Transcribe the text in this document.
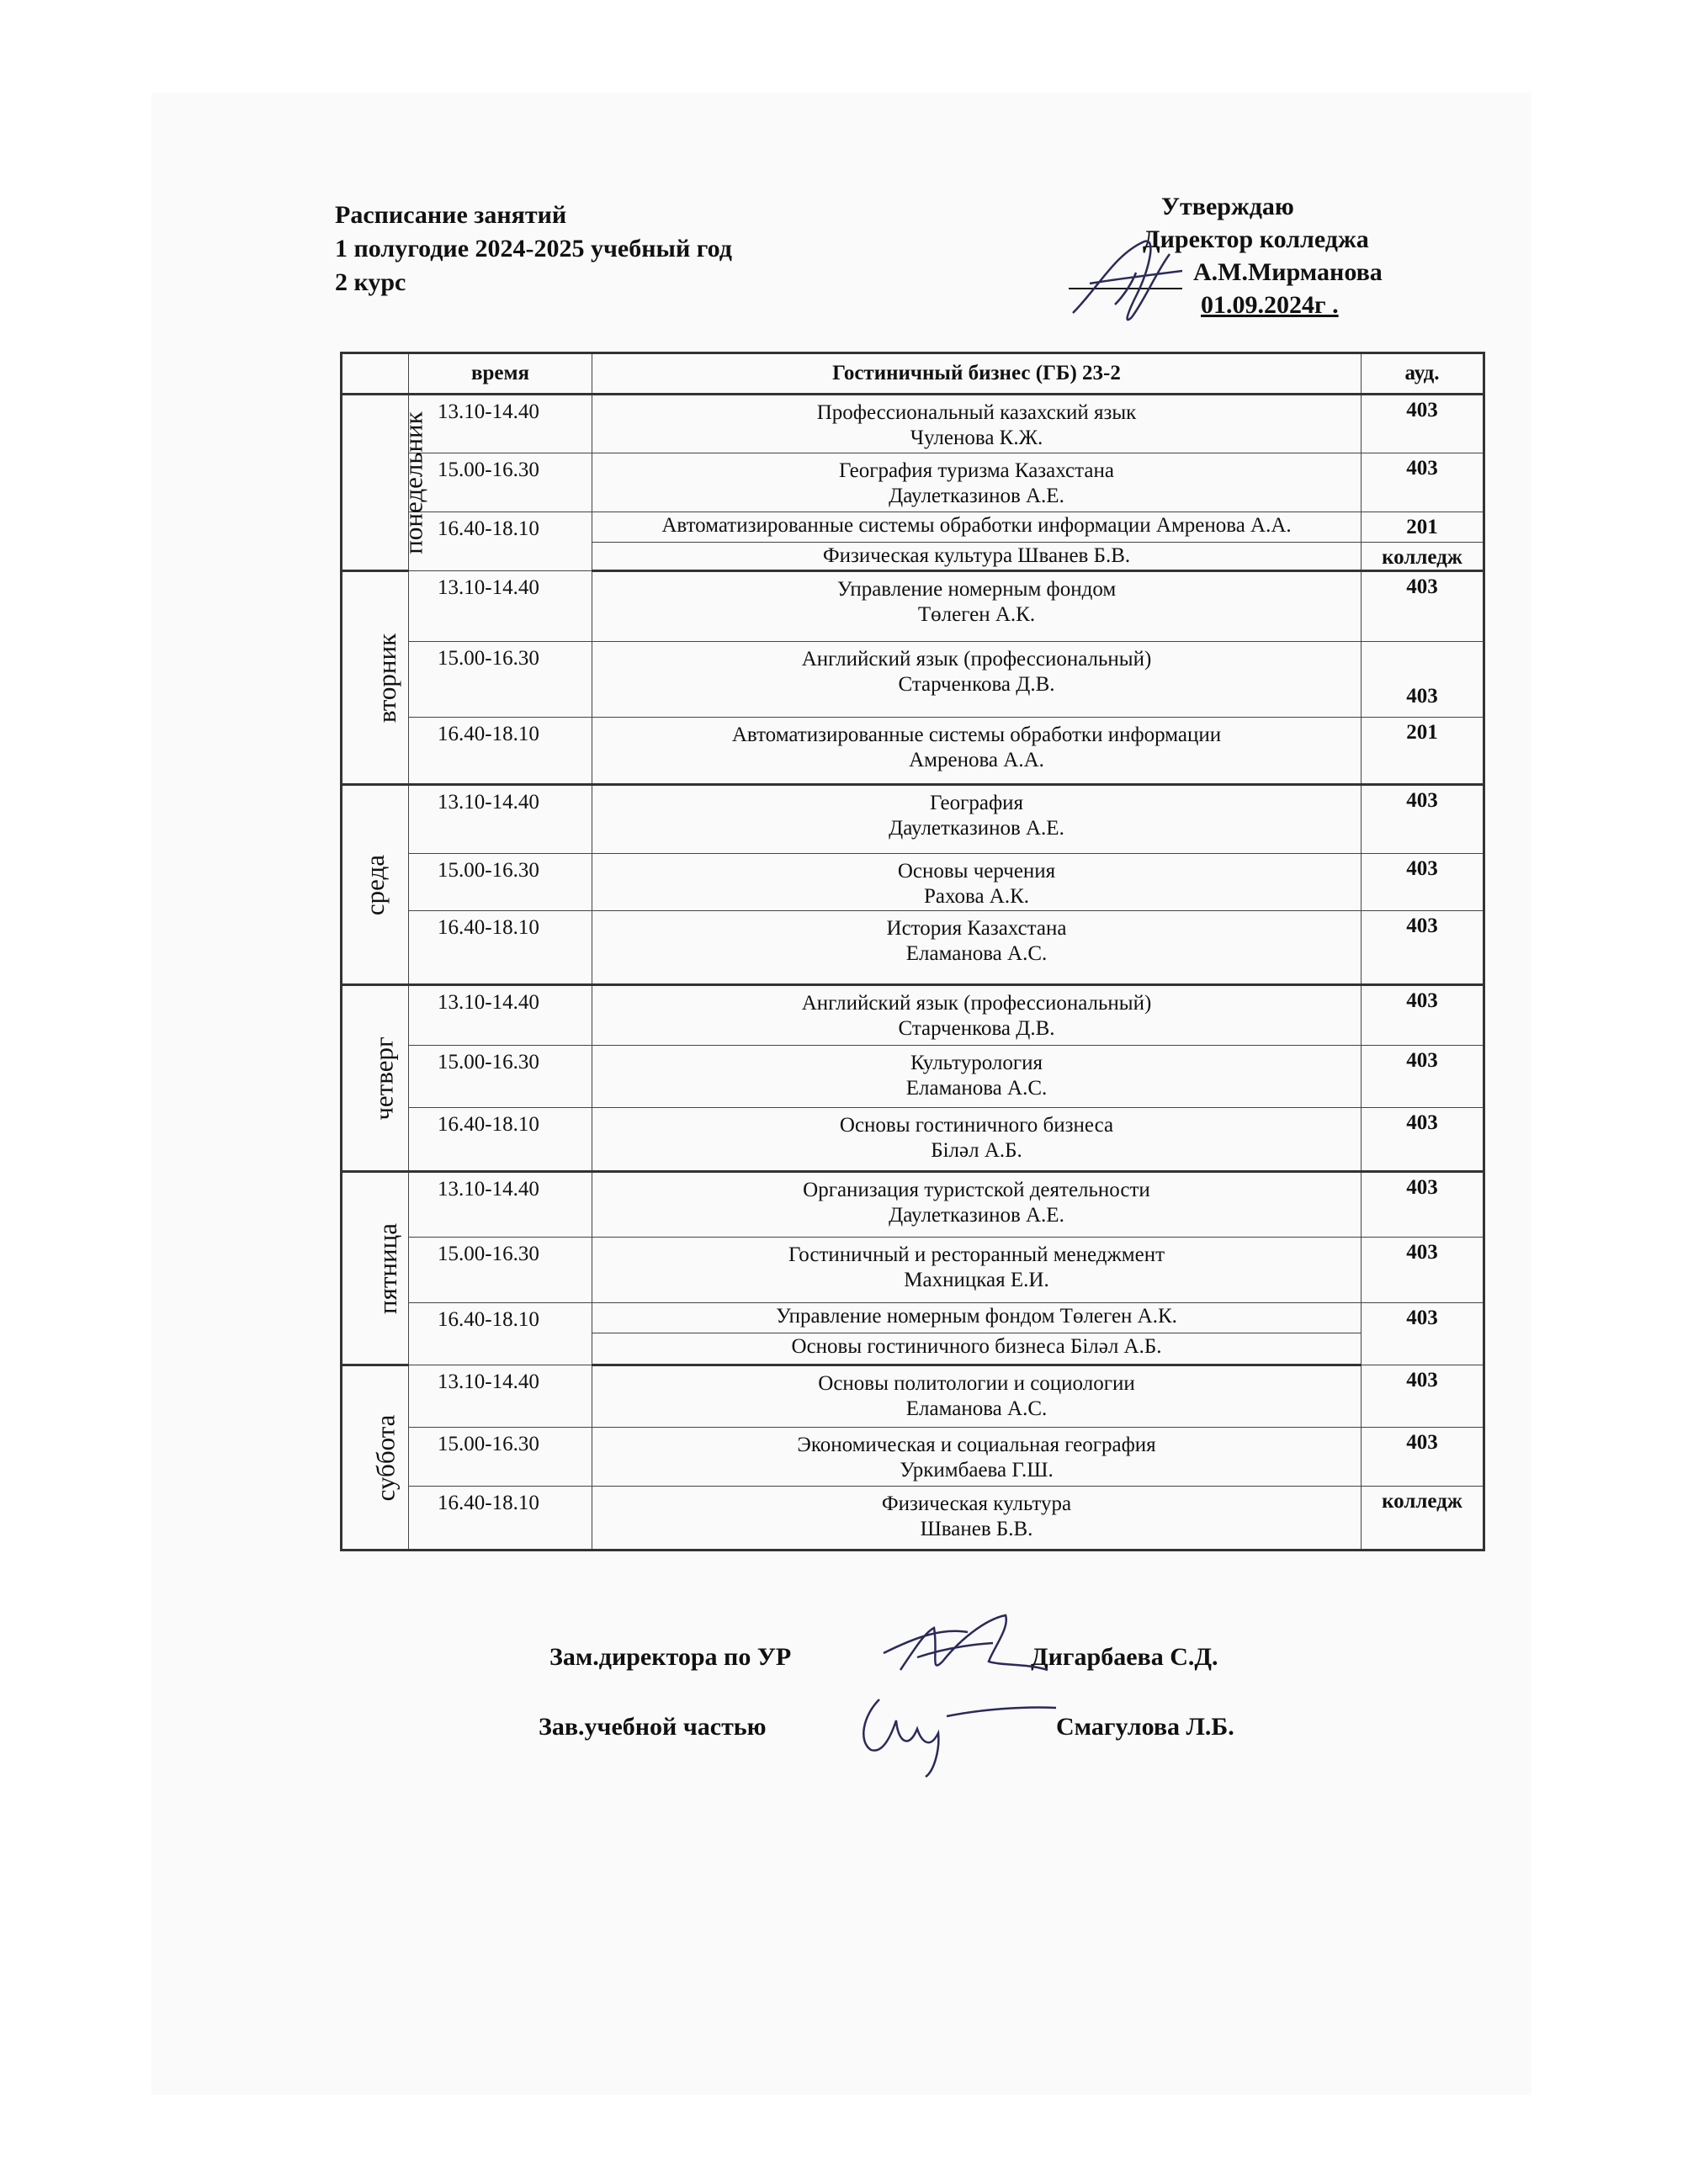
Расписание занятий
1 полугодие 2024-2025 учебный год
2 курс
Утверждаю
Директор колледжа
А.М.Мирманова
01.09.2024г .
	время	Гостиничный бизнес (ГБ) 23-2	ауд.
понедельник	13.10-14.40	Профессиональный казахский язык
Чуленова К.Ж.	403
	15.00-16.30	География туризма Казахстана
Даулетказинов А.Е.	403
	16.40-18.10	Автоматизированные системы обработки информации Амренова А.А.	201
		Физическая культура Шванев Б.В.	колледж
вторник	13.10-14.40	Управление номерным фондом
Төлеген А.К.	403
	15.00-16.30	Английский язык (профессиональный)
Старченкова Д.В.	403
	16.40-18.10	Автоматизированные системы обработки информации
Амренова А.А.	201
среда	13.10-14.40	География
Даулетказинов А.Е.	403
	15.00-16.30	Основы черчения
Рахова А.К.	403
	16.40-18.10	История Казахстана
Еламанова А.С.	403
четверг	13.10-14.40	Английский язык (профессиональный)
Старченкова Д.В.	403
	15.00-16.30	Культурология
Еламанова А.С.	403
	16.40-18.10	Основы гостиничного бизнеса
Біләл А.Б.	403
пятница	13.10-14.40	Организация туристской деятельности
Даулетказинов А.Е.	403
	15.00-16.30	Гостиничный и ресторанный менеджмент
Махницкая Е.И.	403
	16.40-18.10	Управление номерным фондом Төлеген А.К.	403
		Основы гостиничного бизнеса Біләл А.Б.	
суббота	13.10-14.40	Основы политологии и социологии
Еламанова А.С.	403
	15.00-16.30	Экономическая и социальная география
Уркимбаева Г.Ш.	403
	16.40-18.10	Физическая культура
Шванев Б.В.	колледж
Зам.директора по УР	Дигарбаева С.Д.
Зав.учебной частью	Смагулова Л.Б.
